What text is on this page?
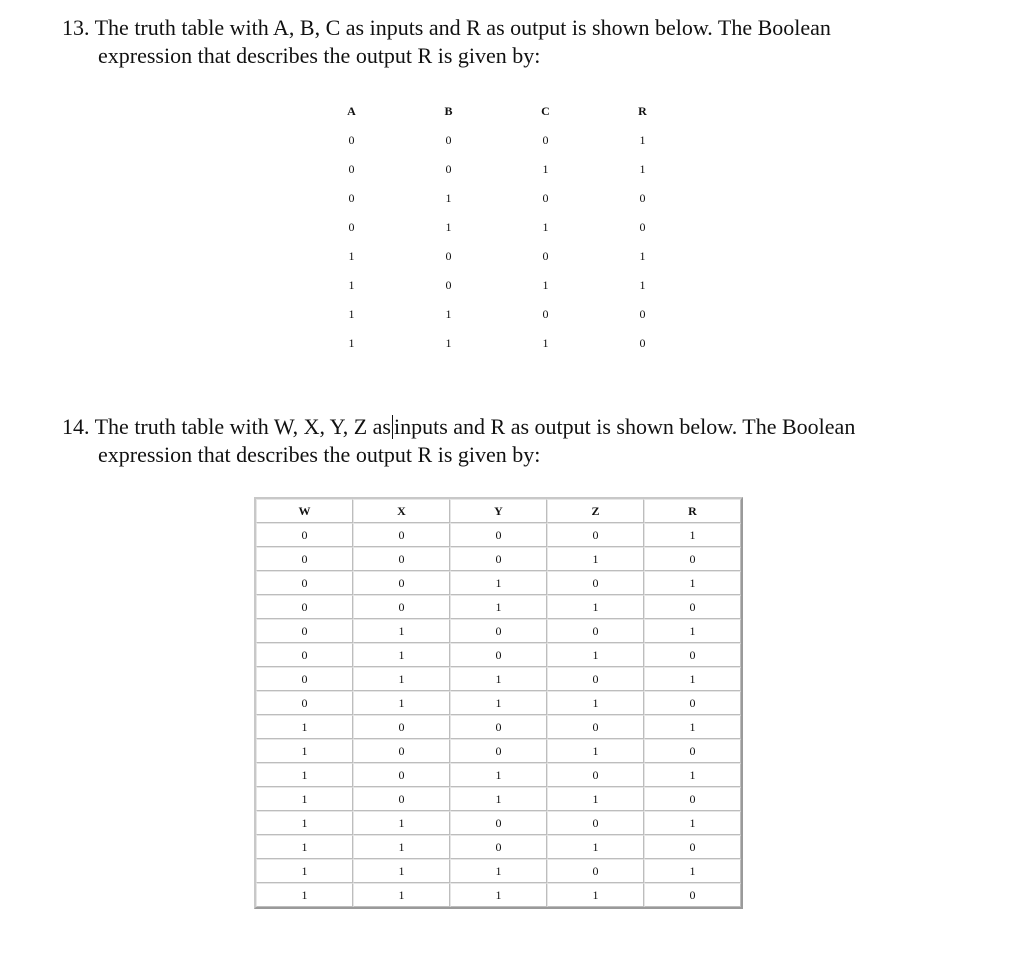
13. The truth table with A, B, C as inputs and R as output is shown below. The Boolean
expression that describes the output R is given by:
A	B	C	R
0	0	0	1
0	0	1	1
0	1	0	0
0	1	1	0
1	0	0	1
1	0	1	1
1	1	0	0
1	1	1	0
14. The truth table with W, X, Y, Z as inputs and R as output is shown below. The Boolean
expression that describes the output R is given by:
W	X	Y	Z	R
0	0	0	0	1
0	0	0	1	0
0	0	1	0	1
0	0	1	1	0
0	1	0	0	1
0	1	0	1	0
0	1	1	0	1
0	1	1	1	0
1	0	0	0	1
1	0	0	1	0
1	0	1	0	1
1	0	1	1	0
1	1	0	0	1
1	1	0	1	0
1	1	1	0	1
1	1	1	1	0
